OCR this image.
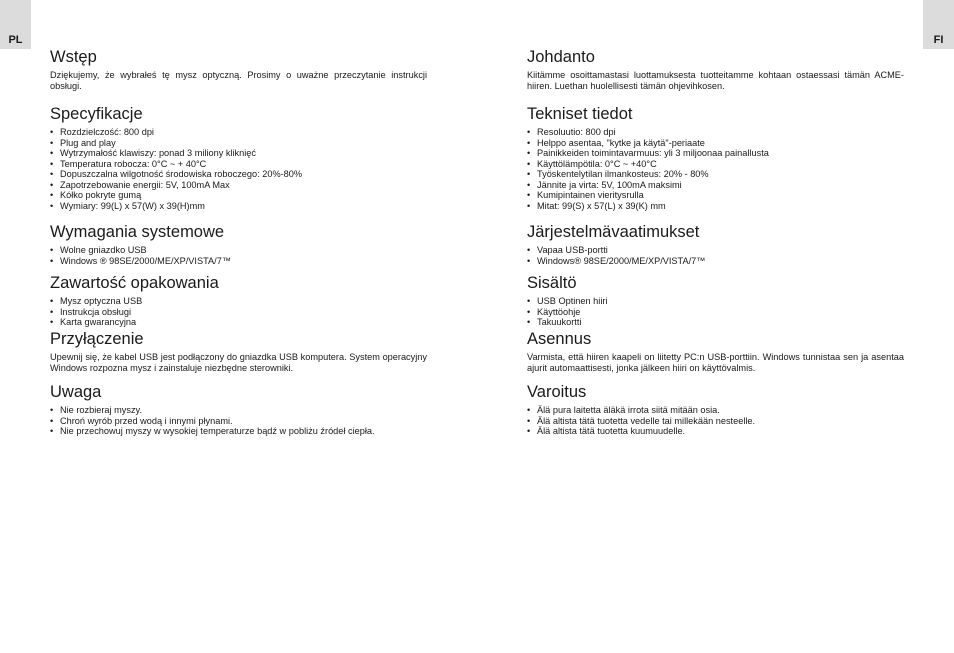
PL	FI
Wstęp

Dziękujemy, że wybrałeś tę mysz optyczną. Prosimy o uważne przeczytanie instrukcji obsługi.

Specyfikacje
• Rozdzielczość: 800 dpi
• Plug and play
• Wytrzymałość klawiszy: ponad 3 miliony kliknięć
• Temperatura robocza: 0°C ~ + 40°C
• Dopuszczalna wilgotność środowiska roboczego: 20%-80%
• Zapotrzebowanie energii: 5V, 100mA Max
• Kółko pokryte gumą
• Wymiary: 99(L) x 57(W) x 39(H)mm
Wymagania systemowe
• Wolne gniazdko USB
• Windows ® 98SE/2000/ME/XP/VISTA/7™
Zawartość opakowania
• Mysz optyczna USB
• Instrukcja obsługi
• Karta gwarancyjna
Przyłączenie

Upewnij się, że kabel USB jest podłączony do gniazdka USB komputera. System operacyjny Windows rozpozna mysz i zainstaluje niezbędne sterowniki.

Uwaga
• Nie rozbieraj myszy.
• Chroń wyrób przed wodą i innymi płynami.
• Nie przechowuj myszy w wysokiej temperaturze bądź w pobliżu źródeł ciepła.
Johdanto

Kiitämme osoittamastasi luottamuksesta tuotteitamme kohtaan ostaessasi tämän ACME-hiiren. Luethan huolellisesti tämän ohjevihkosen.

Tekniset tiedot
• Resoluutio: 800 dpi
• Helppo asentaa, "kytke ja käytä"-periaate
• Painikkeiden toimintavarmuus: yli 3 miljoonaa painallusta
• Käyttölämpötila: 0°C ~ +40°C
• Työskentelytilan ilmankosteus: 20% - 80%
• Jännite ja virta: 5V, 100mA maksimi
• Kumipintainen vieritysrulla
• Mitat: 99(S) x 57(L) x 39(K) mm
Järjestelmävaatimukset
• Vapaa USB-portti
• Windows® 98SE/2000/ME/XP/VISTA/7™
Sisältö
• USB Optinen hiiri
• Käyttöohje
• Takuukortti
Asennus

Varmista, että hiiren kaapeli on liitetty PC:n USB-porttiin. Windows tunnistaa sen ja asentaa ajurit automaattisesti, jonka jälkeen hiiri on käyttövalmis.

Varoitus
• Älä pura laitetta äläkä irrota siitä mitään osia.
• Älä altista tätä tuotetta vedelle tai millekään nesteelle.
• Älä altista tätä tuotetta kuumuudelle.
